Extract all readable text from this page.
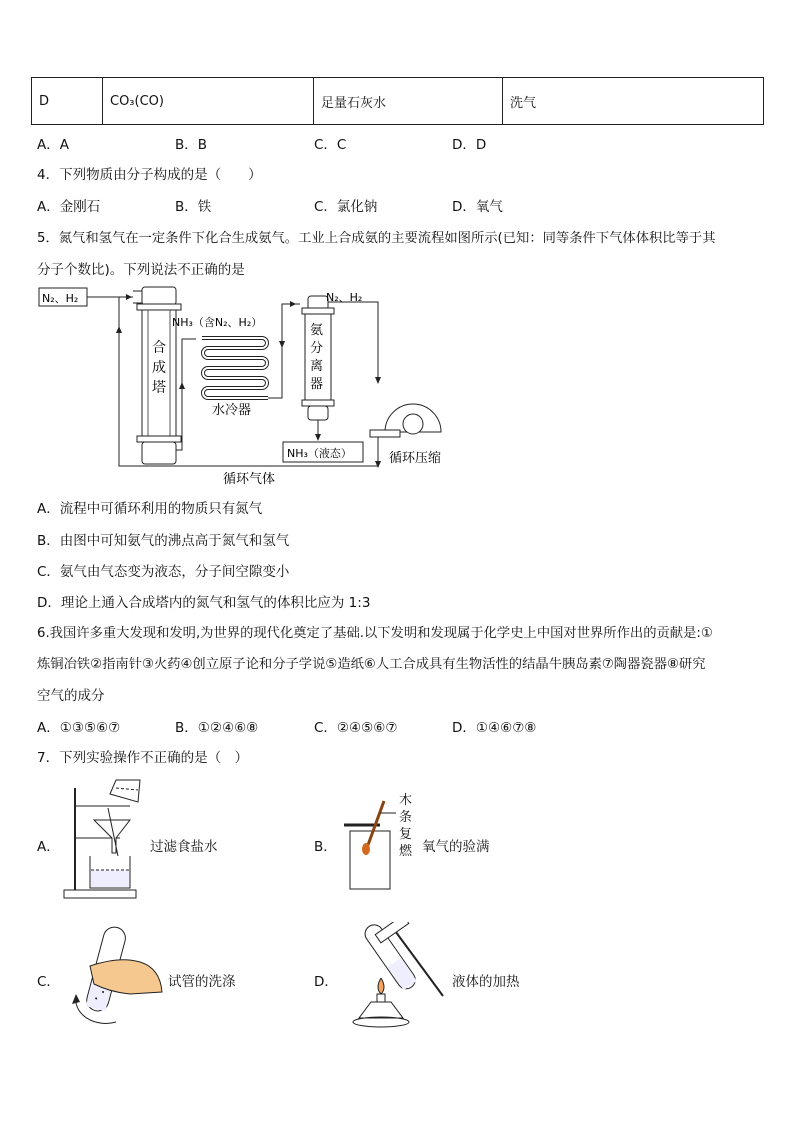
D	CO₃(CO)	足量石灰水	洗气
A．A	B．B	C．C	D．D
4．下列物质由分子构成的是（　　）
A．金刚石	B．铁	C．氯化钠	D．氧气
5．氮气和氢气在一定条件下化合生成氨气。工业上合成氨的主要流程如图所示(已知：同等条件下气体体积比等于其
分子个数比)。下列说法不正确的是
N₂、H₂
合
成
塔
NH₃（含N₂、H₂）
水冷器
氨
分
离
器
N₂、H₂
NH₃（液态）	循环压缩
循环气体
A．流程中可循环利用的物质只有氮气
B．由图中可知氨气的沸点高于氮气和氢气
C．氨气由气态变为液态，分子间空隙变小
D．理论上通入合成塔内的氮气和氢气的体积比应为 1:3
6.我国许多重大发现和发明,为世界的现代化奠定了基础.以下发明和发现属于化学史上中国对世界所作出的贡献是:①
炼铜冶铁②指南针③火药④创立原子论和分子学说⑤造纸⑥人工合成具有生物活性的结晶牛胰岛素⑦陶器瓷器⑧研究
空气的成分
A．①③⑤⑥⑦	B．①②④⑥⑧	C．②④⑤⑥⑦	D．①④⑥⑦⑧
7．下列实验操作不正确的是（　）
A．	过滤食盐水	B．
木
条
复
燃 氧气的验满
C．	试管的洗涤	D．	液体的加热
